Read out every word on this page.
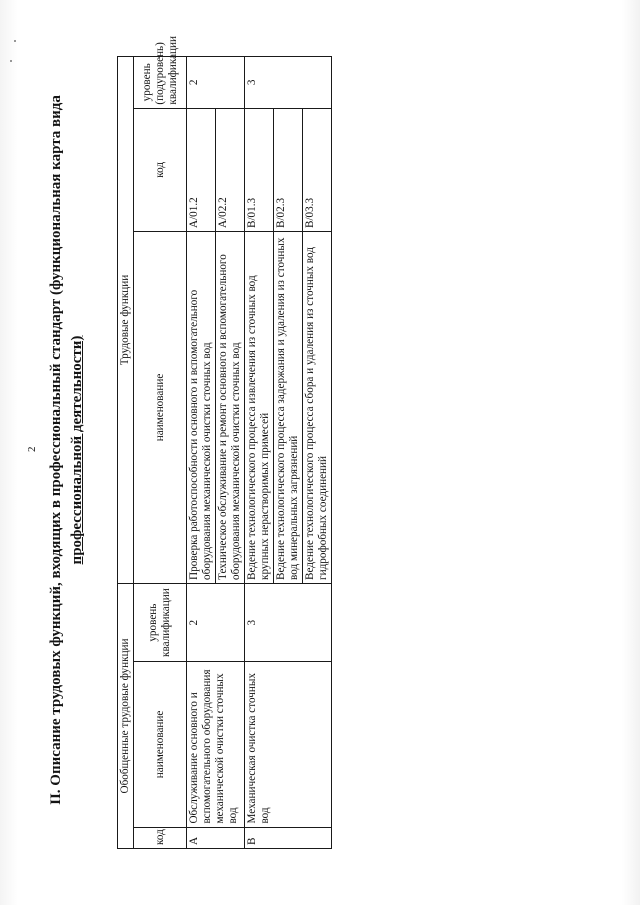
2 II. Описание трудовых функций, входящих в профессиональный стандарт (функциональная карта вида профессиональной деятельности)
Обобщенные трудовые функции			Трудовые функции		
код	наименование	уровень квалификации	наименование	код	уровень (подуровень) квалификации
A	Обслуживание основного и вспомогательного оборудования механической очистки сточных вод	2	Проверка работоспособности основного и вспомогательного оборудования механической очистки сточных вод	A/01.2	2
			Техническое обслуживание и ремонт основного и вспомогательного оборудования механической очистки сточных вод	A/02.2	
B	Механическая очистка сточных вод	3	Ведение технологического процесса извлечения из сточных вод крупных нерастворимых примесей	B/01.3	3
			Ведение технологического процесса задержания и удаления из сточных вод минеральных загрязнений	B/02.3	
			Ведение технологического процесса сбора и удаления из сточных вод гидрофобных соединений	B/03.3	
